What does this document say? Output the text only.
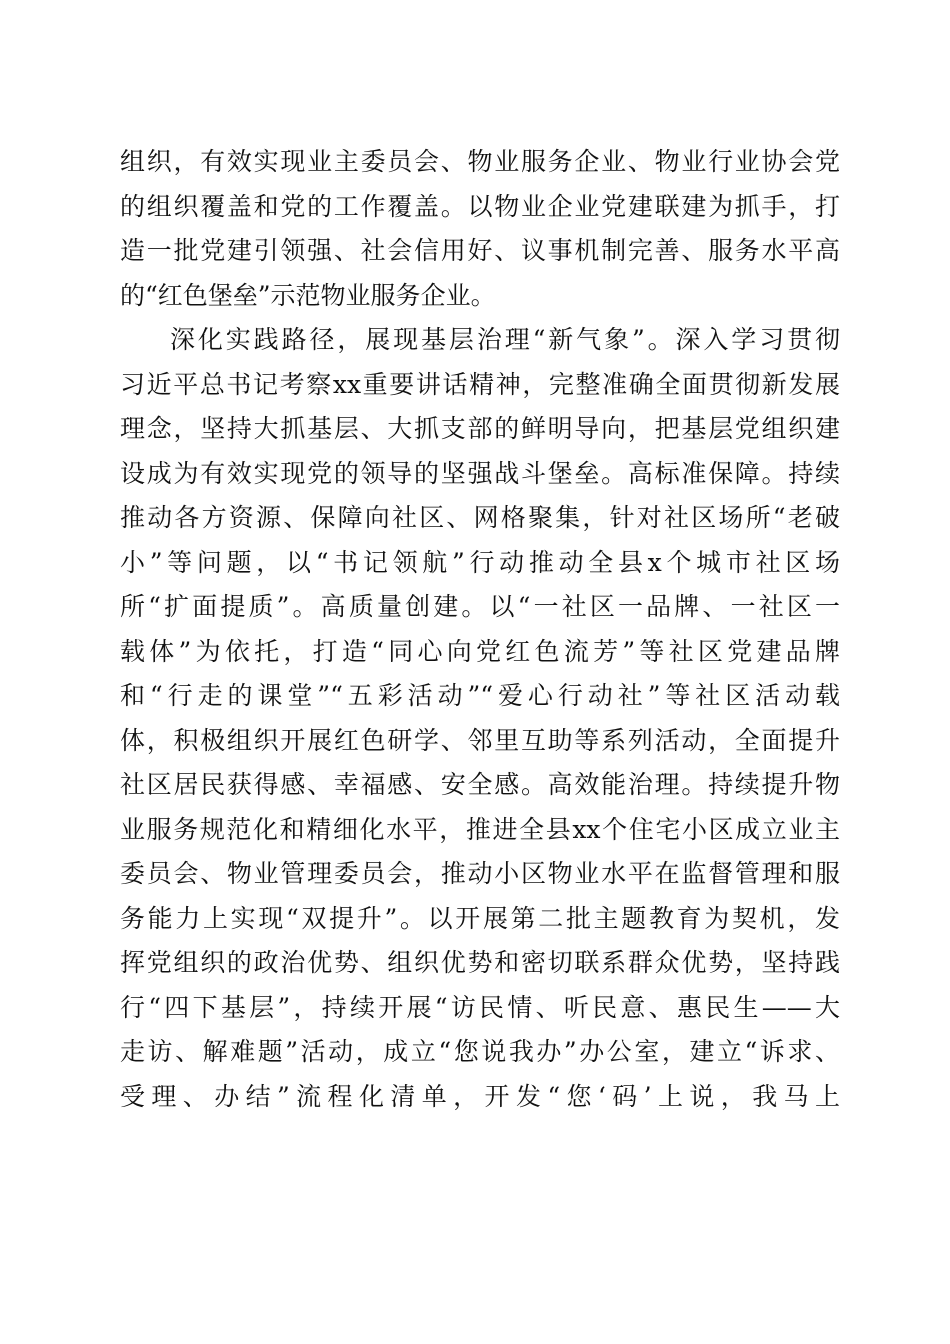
组织，有效实现业主委员会、物业服务企业、物业行业协会党
的组织覆盖和党的工作覆盖。以物业企业党建联建为抓手，打
造一批党建引领强、社会信用好、议事机制完善、服务水平高
的“红色堡垒”示范物业服务企业。
深化实践路径，展现基层治理“新气象”。深入学习贯彻
习近平总书记考察xx重要讲话精神，完整准确全面贯彻新发展
理念，坚持大抓基层、大抓支部的鲜明导向，把基层党组织建
设成为有效实现党的领导的坚强战斗堡垒。高标准保障。持续
推动各方资源、保障向社区、网格聚集，针对社区场所“老破
小”等问题，以“书记领航”行动推动全县x个城市社区场
所“扩面提质”。高质量创建。以“一社区一品牌、一社区一
载体”为依托，打造“同心向党红色流芳”等社区党建品牌
和“行走的课堂”“五彩活动”“爱心行动社”等社区活动载
体，积极组织开展红色研学、邻里互助等系列活动，全面提升
社区居民获得感、幸福感、安全感。高效能治理。持续提升物
业服务规范化和精细化水平，推进全县xx个住宅小区成立业主
委员会、物业管理委员会，推动小区物业水平在监督管理和服
务能力上实现“双提升”。以开展第二批主题教育为契机，发
挥党组织的政治优势、组织优势和密切联系群众优势，坚持践
行“四下基层”，持续开展“访民情、听民意、惠民生——大
走访、解难题”活动，成立“您说我办”办公室，建立“诉求、
受理、办结”流程化清单，开发“您‘码’上说，我马上
